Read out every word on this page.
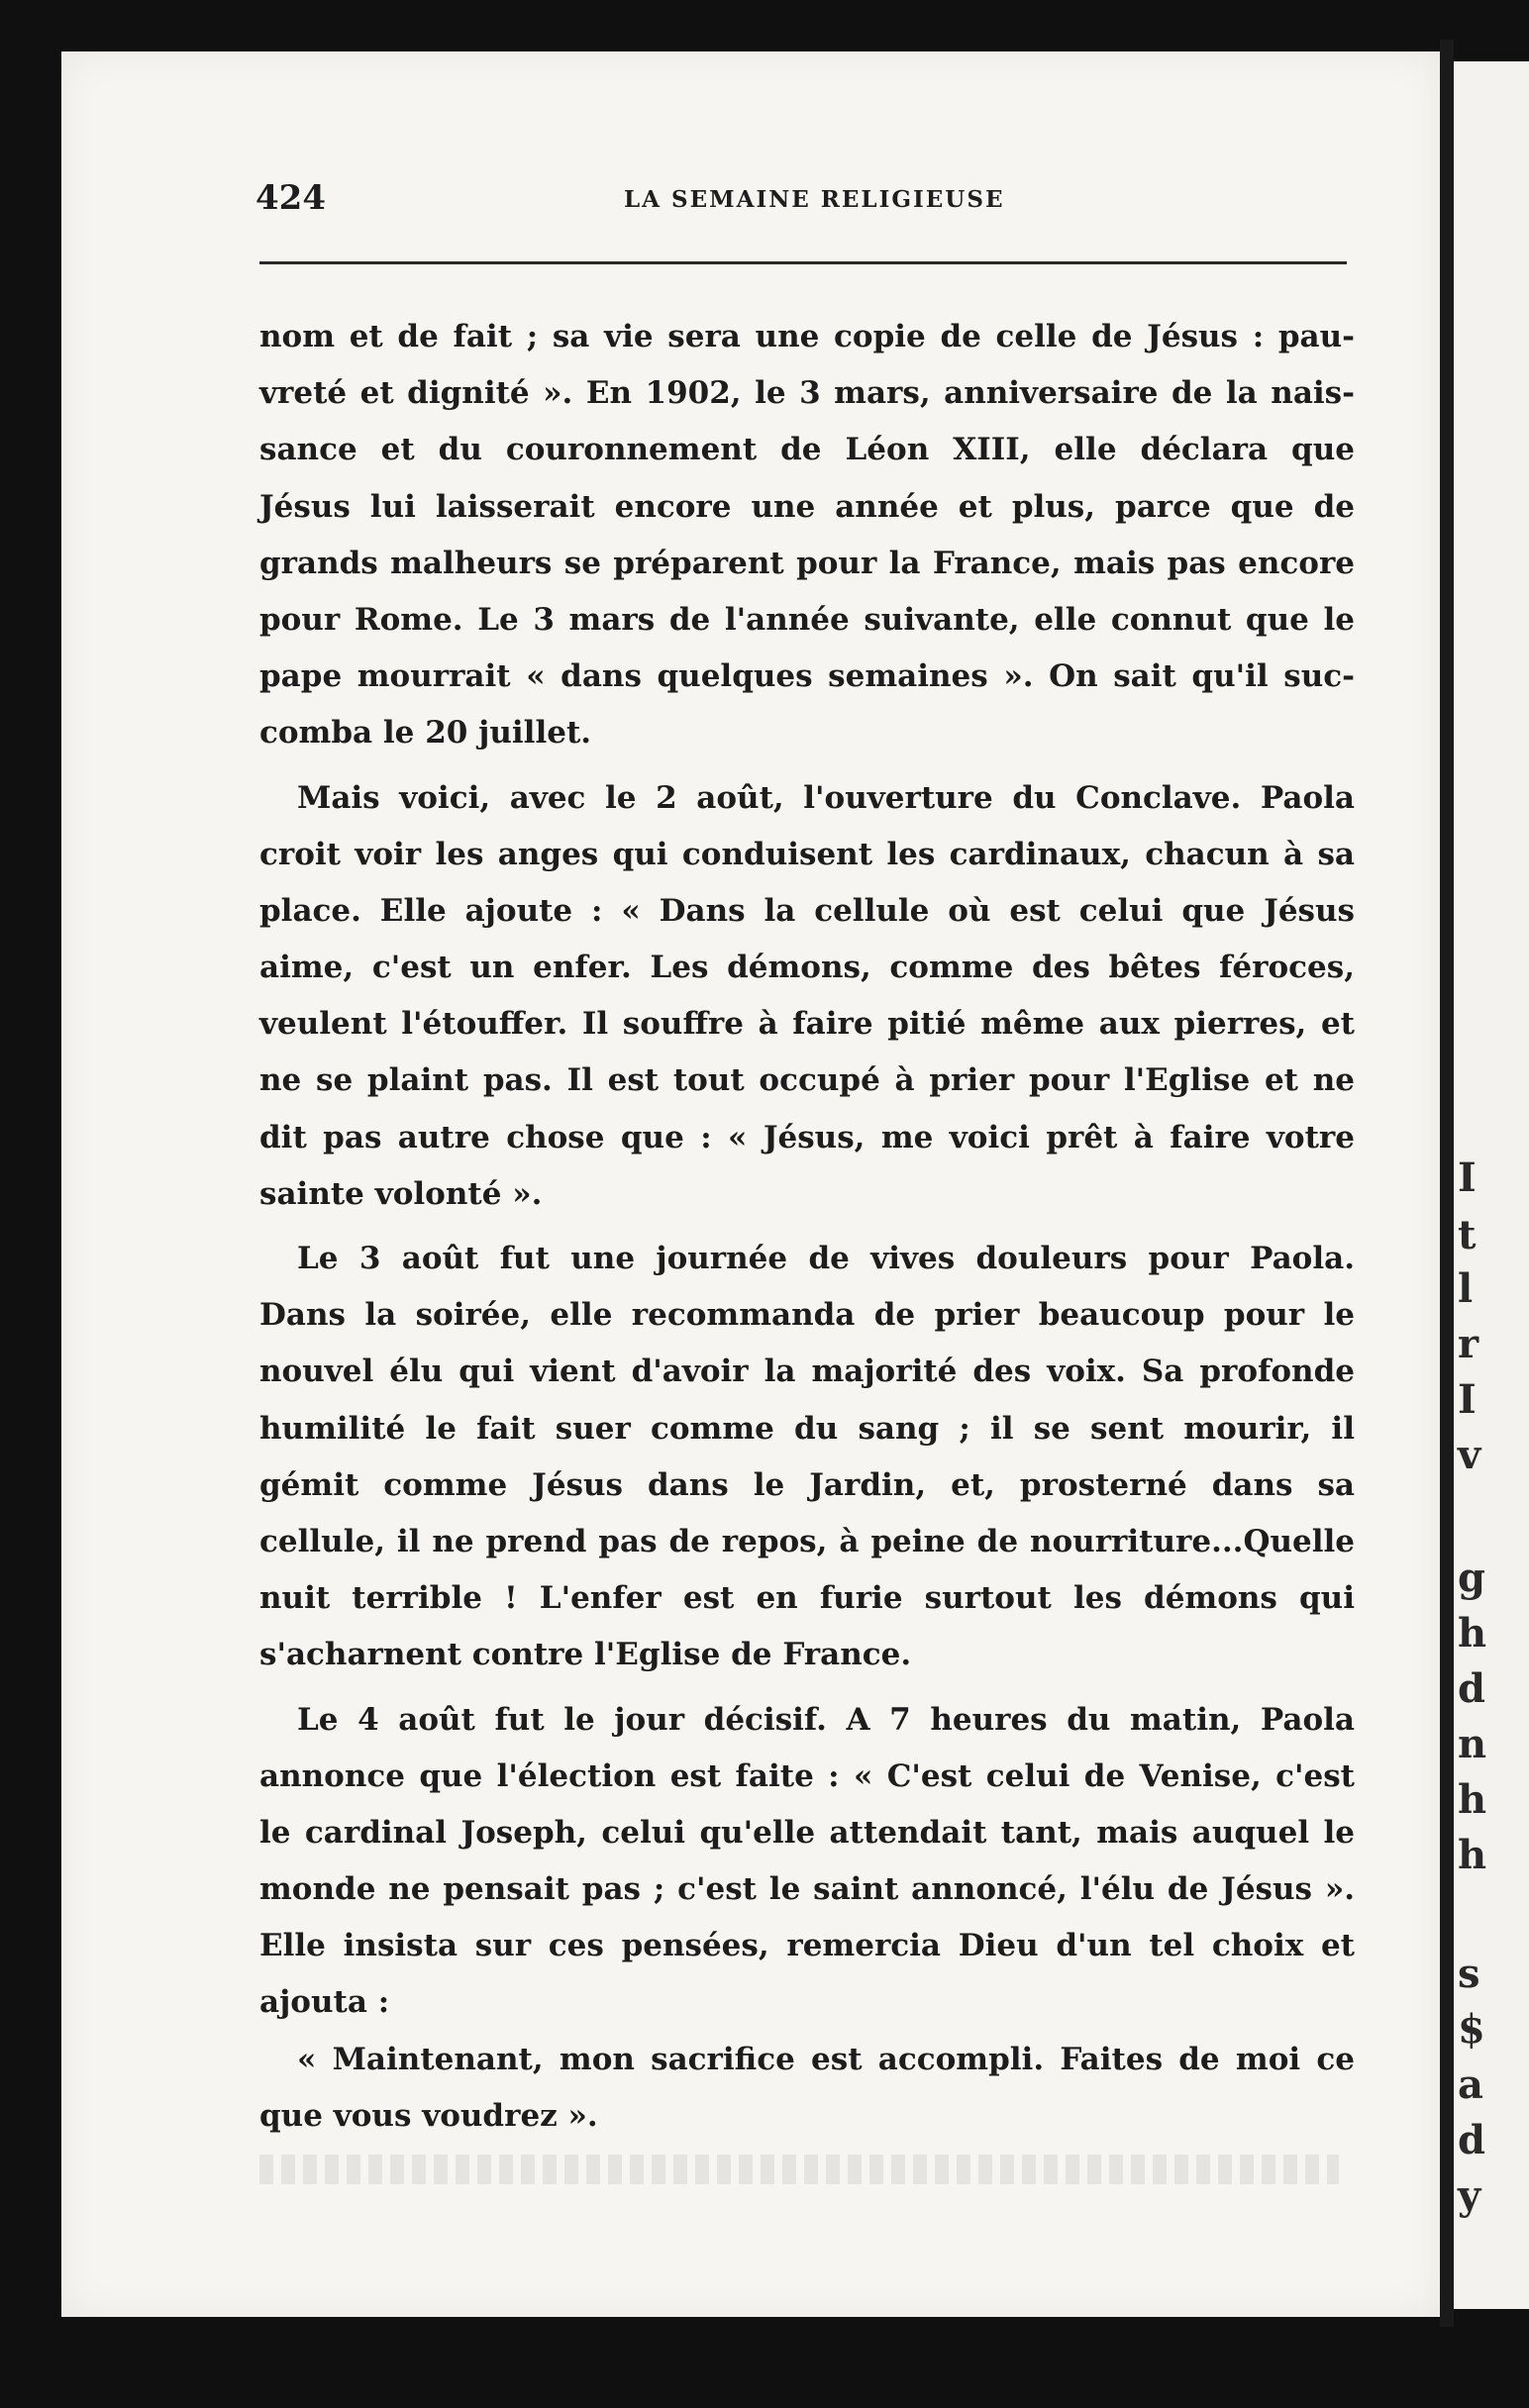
I
t
l
r
I
v
g
h
d
n
h
h
s
$
a
d
y
424	LA SEMAINE RELIGIEUSE
nom et de fait ; sa vie sera une copie de celle de Jésus : pau-
vreté et dignité ». En 1902, le 3 mars, anniversaire de la nais-
sance et du couronnement de Léon XIII, elle déclara que
Jésus lui laisserait encore une année et plus, parce que de
grands malheurs se préparent pour la France, mais pas encore
pour Rome. Le 3 mars de l'année suivante, elle connut que le
pape mourrait « dans quelques semaines ». On sait qu'il suc-
comba le 20 juillet.
Mais voici, avec le 2 août, l'ouverture du Conclave. Paola
croit voir les anges qui conduisent les cardinaux, chacun à sa
place. Elle ajoute : « Dans la cellule où est celui que Jésus
aime, c'est un enfer. Les démons, comme des bêtes féroces,
veulent l'étouffer. Il souffre à faire pitié même aux pierres, et
ne se plaint pas. Il est tout occupé à prier pour l'Eglise et ne
dit pas autre chose que : « Jésus, me voici prêt à faire votre
sainte volonté ».
Le 3 août fut une journée de vives douleurs pour Paola.
Dans la soirée, elle recommanda de prier beaucoup pour le
nouvel élu qui vient d'avoir la majorité des voix. Sa profonde
humilité le fait suer comme du sang ; il se sent mourir, il
gémit comme Jésus dans le Jardin, et, prosterné dans sa
cellule, il ne prend pas de repos, à peine de nourriture...Quelle
nuit terrible ! L'enfer est en furie surtout les démons qui
s'acharnent contre l'Eglise de France.
Le 4 août fut le jour décisif. A 7 heures du matin, Paola
annonce que l'élection est faite : « C'est celui de Venise, c'est
le cardinal Joseph, celui qu'elle attendait tant, mais auquel le
monde ne pensait pas ; c'est le saint annoncé, l'élu de Jésus ».
Elle insista sur ces pensées, remercia Dieu d'un tel choix et
ajouta :
« Maintenant, mon sacrifice est accompli. Faites de moi ce
que vous voudrez ».
